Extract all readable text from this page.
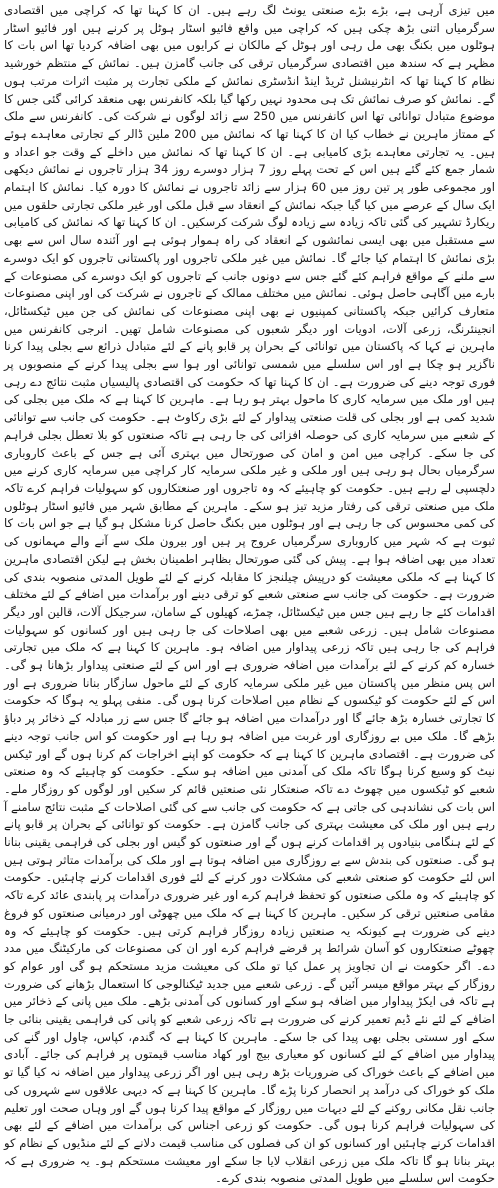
میں تیزی آرہی ہے، بڑے بڑے صنعتی یونٹ لگ رہے ہیں۔ ان کا کہنا تھا کہ کراچی میں اقتصادی سرگرمیاں اتنی بڑھ چکی ہیں کہ کراچی میں واقع فائیو اسٹار ہوٹل پر کرنے ہیں اور فائیو اسٹار ہوٹلوں میں بکنگ بھی مل رہی اور ہوٹل کے مالکان نے کرایوں میں بھی اضافہ کردیا تھا اس بات کا مظہر ہے کہ سندھ میں اقتصادی سرگرمیاں ترقی کی جانب گامزن ہیں۔ نمائش کے منتظم خورشید نظام کا کہنا تھا کہ انٹرنیشنل ٹریڈ اینڈ انڈسٹری نمائش کے ملکی تجارت پر مثبت اثرات مرتب ہوں گے۔ نمائش کو صرف نمائش تک ہی محدود نہیں رکھا گیا بلکہ کانفرنس بھی منعقد کرائی گئی جس کا موضوع متبادل توانائی تھا اس کانفرنس میں 250 سے زائد لوگوں نے شرکت کی۔ کانفرنس سے ملک کے ممتاز ماہرین نے خطاب کیا ان کا کہنا تھا کہ نمائش میں 200 ملین ڈالر کے تجارتی معاہدے ہوئے ہیں۔ یہ تجارتی معاہدے بڑی کامیابی ہے۔ ان کا کہنا تھا کہ نمائش میں داخلے کے وقت جو اعداد و شمار جمع کئے گئے ہیں اس کے تحت پہلے روز 7 ہزار دوسرے روز 34 ہزار تاجروں نے نمائش دیکھی اور مجموعی طور پر تین روز میں 60 ہزار سے زائد تاجروں نے نمائش کا دورہ کیا۔ نمائش کا اہتمام ایک سال کے عرصے میں کیا گیا جبکہ نمائش کے انعقاد سے قبل ملکی اور غیر ملکی تجارتی حلقوں میں ریکارڈ تشہیر کی گئی تاکہ زیادہ سے زیادہ لوگ شرکت کرسکیں۔ ان کا کہنا تھا کہ نمائش کی کامیابی سے مستقبل میں بھی ایسی نمائشوں کے انعقاد کی راہ ہموار ہوئی ہے اور آئندہ سال اس سے بھی بڑی نمائش کا اہتمام کیا جائے گا۔ نمائش میں غیر ملکی تاجروں اور پاکستانی تاجروں کو ایک دوسرے سے ملنے کے مواقع فراہم کئے گئے جس سے دونوں جانب کے تاجروں کو ایک دوسرے کی مصنوعات کے بارے میں آگاہی حاصل ہوئی۔ نمائش میں مختلف ممالک کے تاجروں نے شرکت کی اور اپنی مصنوعات متعارف کرائیں جبکہ پاکستانی کمپنیوں نے بھی اپنی مصنوعات کی نمائش کی جن میں ٹیکسٹائل، انجینئرنگ، زرعی آلات، ادویات اور دیگر شعبوں کی مصنوعات شامل تھیں۔ انرجی کانفرنس میں ماہرین نے کہا کہ پاکستان میں توانائی کے بحران پر قابو پانے کے لئے متبادل ذرائع سے بجلی پیدا کرنا ناگزیر ہو چکا ہے اور اس سلسلے میں شمسی توانائی اور ہوا سے بجلی پیدا کرنے کے منصوبوں پر فوری توجہ دینے کی ضرورت ہے۔ ان کا کہنا تھا کہ حکومت کی اقتصادی پالیسیاں مثبت نتائج دے رہی ہیں اور ملک میں سرمایہ کاری کا ماحول بہتر ہو رہا ہے۔ ماہرین کا کہنا ہے کہ ملک میں بجلی کی شدید کمی ہے اور بجلی کی قلت صنعتی پیداوار کے لئے بڑی رکاوٹ ہے۔ حکومت کی جانب سے توانائی کے شعبے میں سرمایہ کاری کی حوصلہ افزائی کی جا رہی ہے تاکہ صنعتوں کو بلا تعطل بجلی فراہم کی جا سکے۔ کراچی میں امن و امان کی صورتحال میں بہتری آئی ہے جس کے باعث کاروباری سرگرمیاں بحال ہو رہی ہیں اور ملکی و غیر ملکی سرمایہ کار کراچی میں سرمایہ کاری کرنے میں دلچسپی لے رہے ہیں۔ حکومت کو چاہیئے کہ وہ تاجروں اور صنعتکاروں کو سہولیات فراہم کرے تاکہ ملک میں صنعتی ترقی کی رفتار مزید تیز ہو سکے۔ ماہرین کے مطابق شہر میں فائیو اسٹار ہوٹلوں کی کمی محسوس کی جا رہی ہے اور ہوٹلوں میں بکنگ حاصل کرنا مشکل ہو گیا ہے جو اس بات کا ثبوت ہے کہ شہر میں کاروباری سرگرمیاں عروج پر ہیں اور بیرون ملک سے آنے والے مہمانوں کی تعداد میں بھی اضافہ ہوا ہے۔ پیش کی گئی صورتحال بظاہر اطمینان بخش ہے لیکن اقتصادی ماہرین کا کہنا ہے کہ ملکی معیشت کو درپیش چیلنجز کا مقابلہ کرنے کے لئے طویل المدتی منصوبہ بندی کی ضرورت ہے۔ حکومت کی جانب سے صنعتی شعبے کو ترقی دینے اور برآمدات میں اضافے کے لئے مختلف اقدامات کئے جا رہے ہیں جس میں ٹیکسٹائل، چمڑے، کھیلوں کے سامان، سرجیکل آلات، قالین اور دیگر مصنوعات شامل ہیں۔ زرعی شعبے میں بھی اصلاحات کی جا رہی ہیں اور کسانوں کو سہولیات فراہم کی جا رہی ہیں تاکہ زرعی پیداوار میں اضافہ ہو۔ ماہرین کا کہنا ہے کہ ملک میں تجارتی خسارہ کم کرنے کے لئے برآمدات میں اضافہ ضروری ہے اور اس کے لئے صنعتی پیداوار بڑھانا ہو گی۔ اس پس منظر میں پاکستان میں غیر ملکی سرمایہ کاری کے لئے ماحول سازگار بنانا ضروری ہے اور اس کے لئے حکومت کو ٹیکسوں کے نظام میں اصلاحات کرنا ہوں گی۔ منفی پہلو یہ ہوگا کہ حکومت کا تجارتی خسارہ بڑھ جائے گا اور درآمدات میں اضافہ ہو جائے گا جس سے زر مبادلہ کے ذخائر پر دباؤ بڑھے گا۔ ملک میں بے روزگاری اور غربت میں اضافہ ہو رہا ہے اور حکومت کو اس جانب توجہ دینے کی ضرورت ہے۔ اقتصادی ماہرین کا کہنا ہے کہ حکومت کو اپنے اخراجات کم کرنا ہوں گے اور ٹیکس نیٹ کو وسیع کرنا ہوگا تاکہ ملک کی آمدنی میں اضافہ ہو سکے۔ حکومت کو چاہیئے کہ وہ صنعتی شعبے کو ٹیکسوں میں چھوٹ دے تاکہ صنعتکار نئی صنعتیں قائم کر سکیں اور لوگوں کو روزگار ملے۔ اس بات کی نشاندہی کی جاتی ہے کہ حکومت کی جانب سے کی گئی اصلاحات کے مثبت نتائج سامنے آ رہے ہیں اور ملک کی معیشت بہتری کی جانب گامزن ہے۔ حکومت کو توانائی کے بحران پر قابو پانے کے لئے ہنگامی بنیادوں پر اقدامات کرنے ہوں گے اور صنعتوں کو گیس اور بجلی کی فراہمی یقینی بنانا ہو گی۔ صنعتوں کی بندش سے بے روزگاری میں اضافہ ہوتا ہے اور ملک کی برآمدات متاثر ہوتی ہیں اس لئے حکومت کو صنعتی شعبے کی مشکلات دور کرنے کے لئے فوری اقدامات کرنے چاہئیں۔ حکومت کو چاہیئے کہ وہ ملکی صنعتوں کو تحفظ فراہم کرے اور غیر ضروری درآمدات پر پابندی عائد کرے تاکہ مقامی صنعتیں ترقی کر سکیں۔ ماہرین کا کہنا ہے کہ ملک میں چھوٹی اور درمیانی صنعتوں کو فروغ دینے کی ضرورت ہے کیونکہ یہ صنعتیں زیادہ روزگار فراہم کرتی ہیں۔ حکومت کو چاہیئے کہ وہ چھوٹے صنعتکاروں کو آسان شرائط پر قرضے فراہم کرے اور ان کی مصنوعات کی مارکیٹنگ میں مدد دے۔ اگر حکومت نے ان تجاویز پر عمل کیا تو ملک کی معیشت مزید مستحکم ہو گی اور عوام کو روزگار کے بہتر مواقع میسر آئیں گے۔ زرعی شعبے میں جدید ٹیکنالوجی کا استعمال بڑھانے کی ضرورت ہے تاکہ فی ایکڑ پیداوار میں اضافہ ہو سکے اور کسانوں کی آمدنی بڑھے۔ ملک میں پانی کے ذخائر میں اضافے کے لئے نئے ڈیم تعمیر کرنے کی ضرورت ہے تاکہ زرعی شعبے کو پانی کی فراہمی یقینی بنائی جا سکے اور سستی بجلی بھی پیدا کی جا سکے۔ ماہرین کا کہنا ہے کہ گندم، کپاس، چاول اور گنے کی پیداوار میں اضافے کے لئے کسانوں کو معیاری بیج اور کھاد مناسب قیمتوں پر فراہم کی جائے۔ آبادی میں اضافے کے باعث خوراک کی ضروریات بڑھ رہی ہیں اور اگر زرعی پیداوار میں اضافہ نہ کیا گیا تو ملک کو خوراک کی درآمد پر انحصار کرنا پڑے گا۔ ماہرین کا کہنا ہے کہ دیہی علاقوں سے شہروں کی جانب نقل مکانی روکنے کے لئے دیہات میں روزگار کے مواقع پیدا کرنا ہوں گے اور وہاں صحت اور تعلیم کی سہولیات فراہم کرنا ہوں گی۔ حکومت کو زرعی اجناس کی برآمدات میں اضافے کے لئے بھی اقدامات کرنے چاہئیں اور کسانوں کو ان کی فصلوں کی مناسب قیمت دلانے کے لئے منڈیوں کے نظام کو بہتر بنانا ہو گا تاکہ ملک میں زرعی انقلاب لایا جا سکے اور معیشت مستحکم ہو۔ یہ ضروری ہے کہ حکومت اس سلسلے میں طویل المدتی منصوبہ بندی کرے۔
